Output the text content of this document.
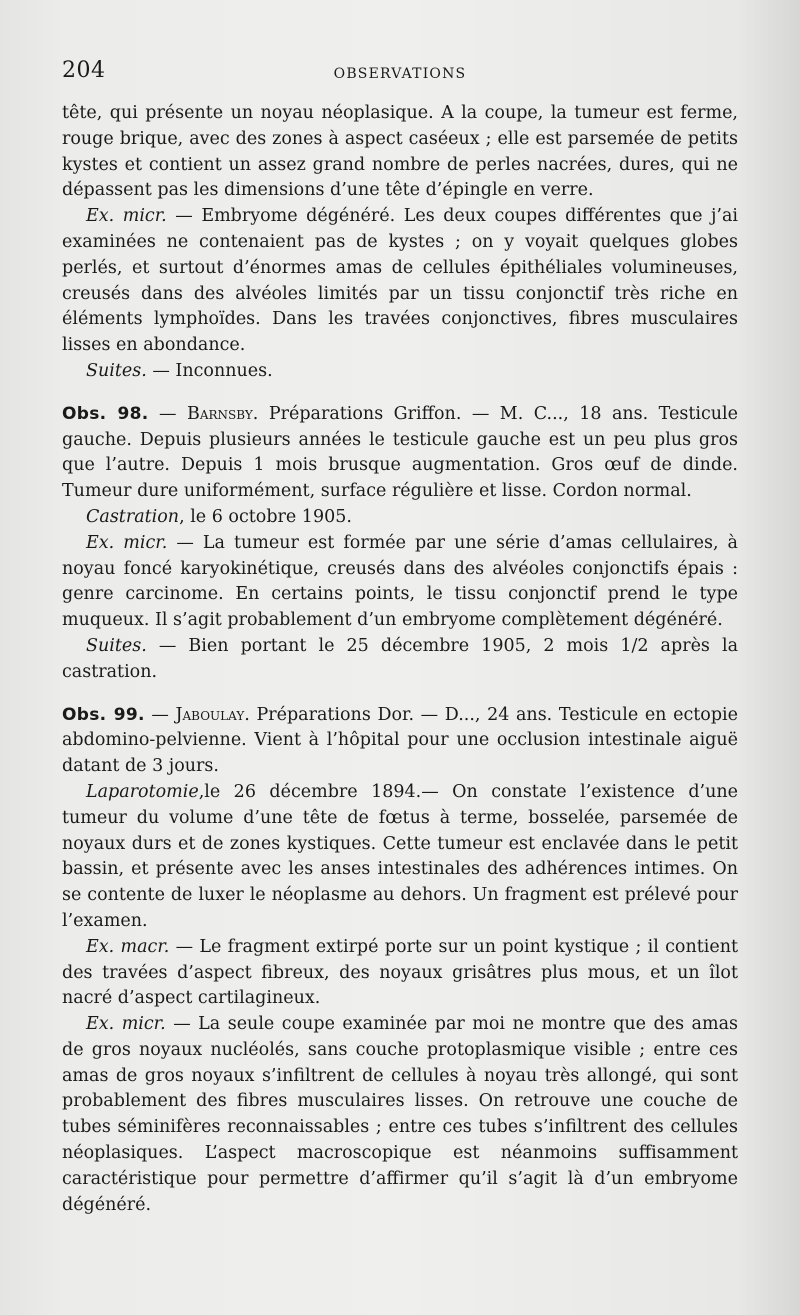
204	OBSERVATIONS

tête, qui présente un noyau néoplasique. A la coupe, la tumeur est ferme, rouge brique, avec des zones à aspect caséeux ; elle est parsemée de petits kystes et contient un assez grand nombre de perles nacrées, dures, qui ne dépassent pas les dimensions d’une tête d’épingle en verre.

Ex. micr. — Embryome dégénéré. Les deux coupes différentes que j’ai examinées ne contenaient pas de kystes ; on y voyait quelques globes perlés, et surtout d’énormes amas de cellules épithéliales volumineuses, creusés dans des alvéoles limités par un tissu conjonctif très riche en éléments lymphoïdes. Dans les travées conjonctives, fibres musculaires lisses en abondance.

Suites. — Inconnues.

Obs. 98. — Barnsby. Préparations Griffon. — M. C..., 18 ans. Testicule gauche. Depuis plusieurs années le testicule gauche est un peu plus gros que l’autre. Depuis 1 mois brusque augmentation. Gros œuf de dinde. Tumeur dure uniformément, surface régulière et lisse. Cordon normal.

Castration, le 6 octobre 1905.

Ex. micr. — La tumeur est formée par une série d’amas cellulaires, à noyau foncé karyokinétique, creusés dans des alvéoles conjonctifs épais : genre carcinome. En certains points, le tissu conjonctif prend le type muqueux. Il s’agit probablement d’un embryome complètement dégénéré.

Suites. — Bien portant le 25 décembre 1905, 2 mois 1/2 après la castration.

Obs. 99. — Jaboulay. Préparations Dor. — D..., 24 ans. Testicule en ectopie abdomino-pelvienne. Vient à l’hôpital pour une occlusion intestinale aiguë datant de 3 jours.

Laparotomie,le 26 décembre 1894.— On constate l’existence d’une tumeur du volume d’une tête de fœtus à terme, bosselée, parsemée de noyaux durs et de zones kystiques. Cette tumeur est enclavée dans le petit bassin, et présente avec les anses intestinales des adhérences intimes. On se contente de luxer le néoplasme au dehors. Un fragment est prélevé pour l’examen.

Ex. macr. — Le fragment extirpé porte sur un point kystique ; il contient des travées d’aspect fibreux, des noyaux grisâtres plus mous, et un îlot nacré d’aspect cartilagineux.

Ex. micr. — La seule coupe examinée par moi ne montre que des amas de gros noyaux nucléolés, sans couche protoplasmique visible ; entre ces amas de gros noyaux s’infiltrent de cellules à noyau très allongé, qui sont probablement des fibres musculaires lisses. On retrouve une couche de tubes séminifères reconnaissables ; entre ces tubes s’infiltrent des cellules néoplasiques. L’aspect macroscopique est néanmoins suffisamment caractéristique pour permettre d’affirmer qu’il s’agit là d’un embryome dégénéré.
